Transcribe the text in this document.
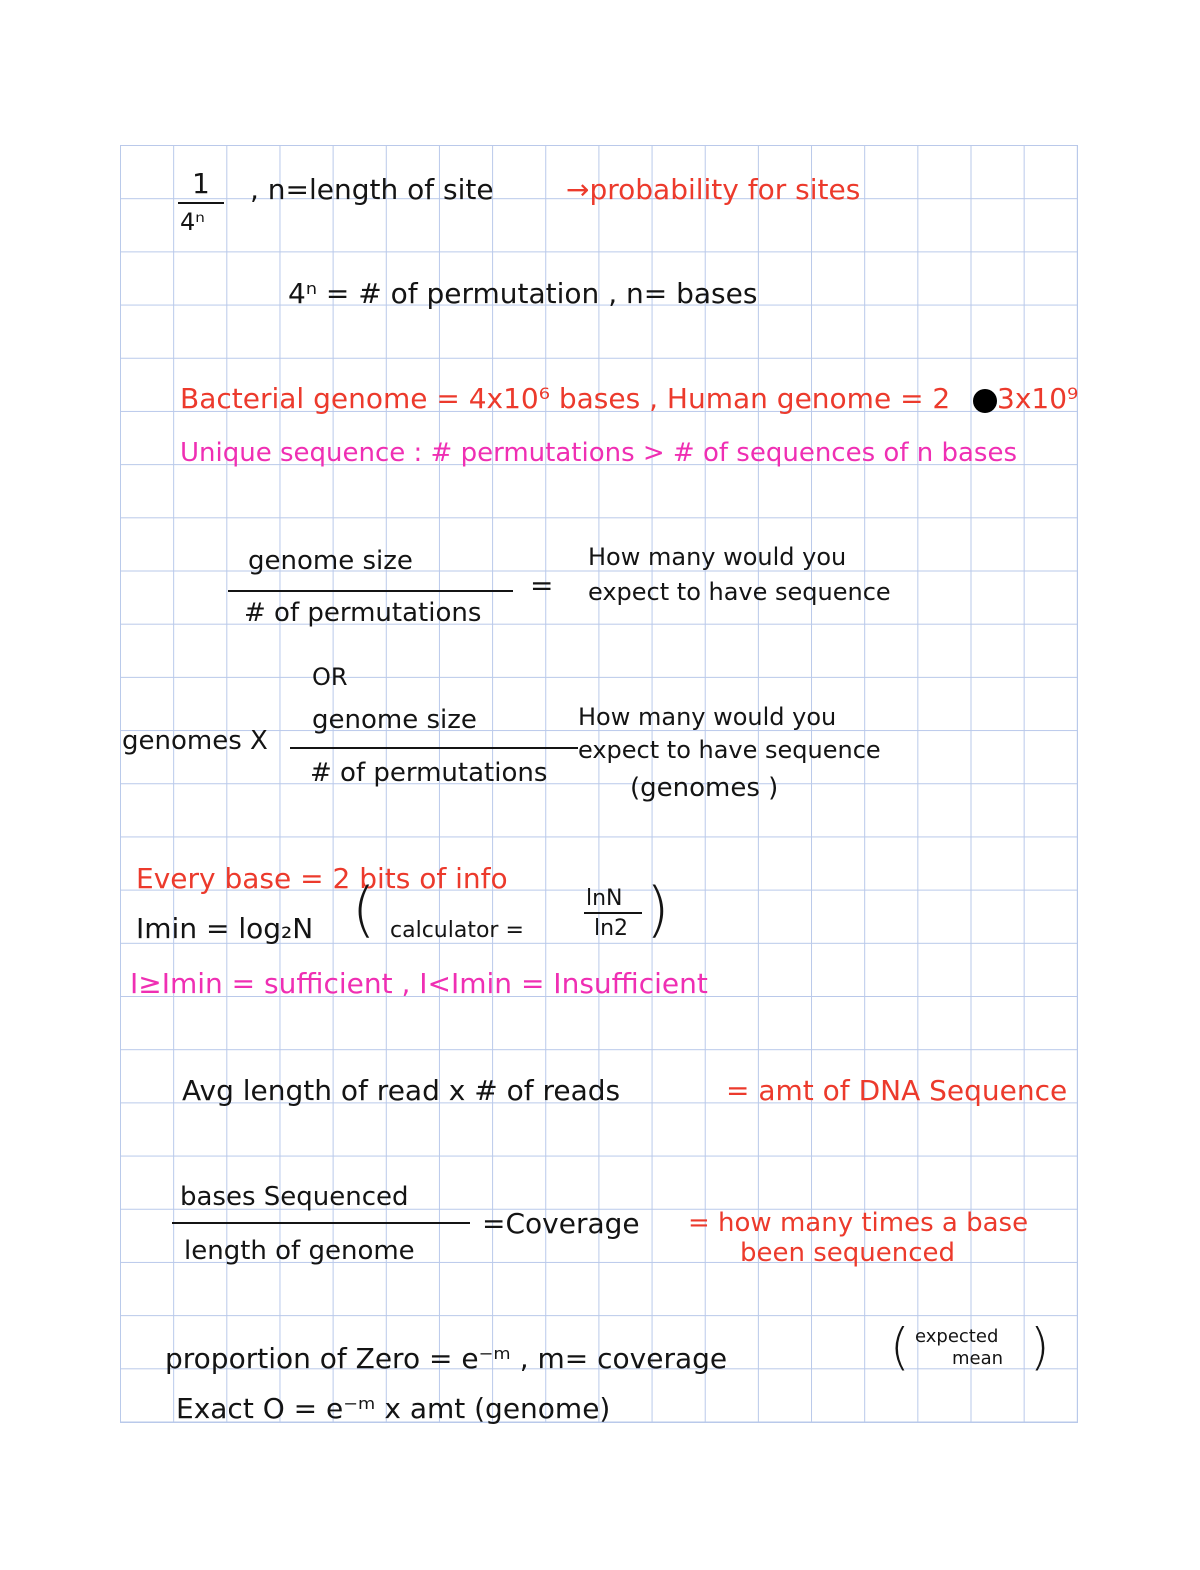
1
4ⁿ
, n=length of site	→probability for sites
4ⁿ = # of permutation , n= bases
Bacterial genome = 4x10⁶ bases , Human genome = 2 3x10⁹
Unique sequence : # permutations > # of sequences of n bases
genome size
# of permutations
=
How many would you
expect to have sequence
OR
genomes X
genome size
# of permutations
How many would you
expect to have sequence
(genomes )
Every base = 2 bits of info
Imin = log₂N ( calculator =
lnN
ln2 )
I≥Imin = sufficient , I<Imin = Insufficient
Avg length of read x # of reads	= amt of DNA Sequence
bases Sequenced
length of genome
=Coverage = how many times a base
been sequenced
proportion of Zero = e⁻ᵐ , m= coverage	( expected
mean )
Exact O = e⁻ᵐ x amt (genome)
